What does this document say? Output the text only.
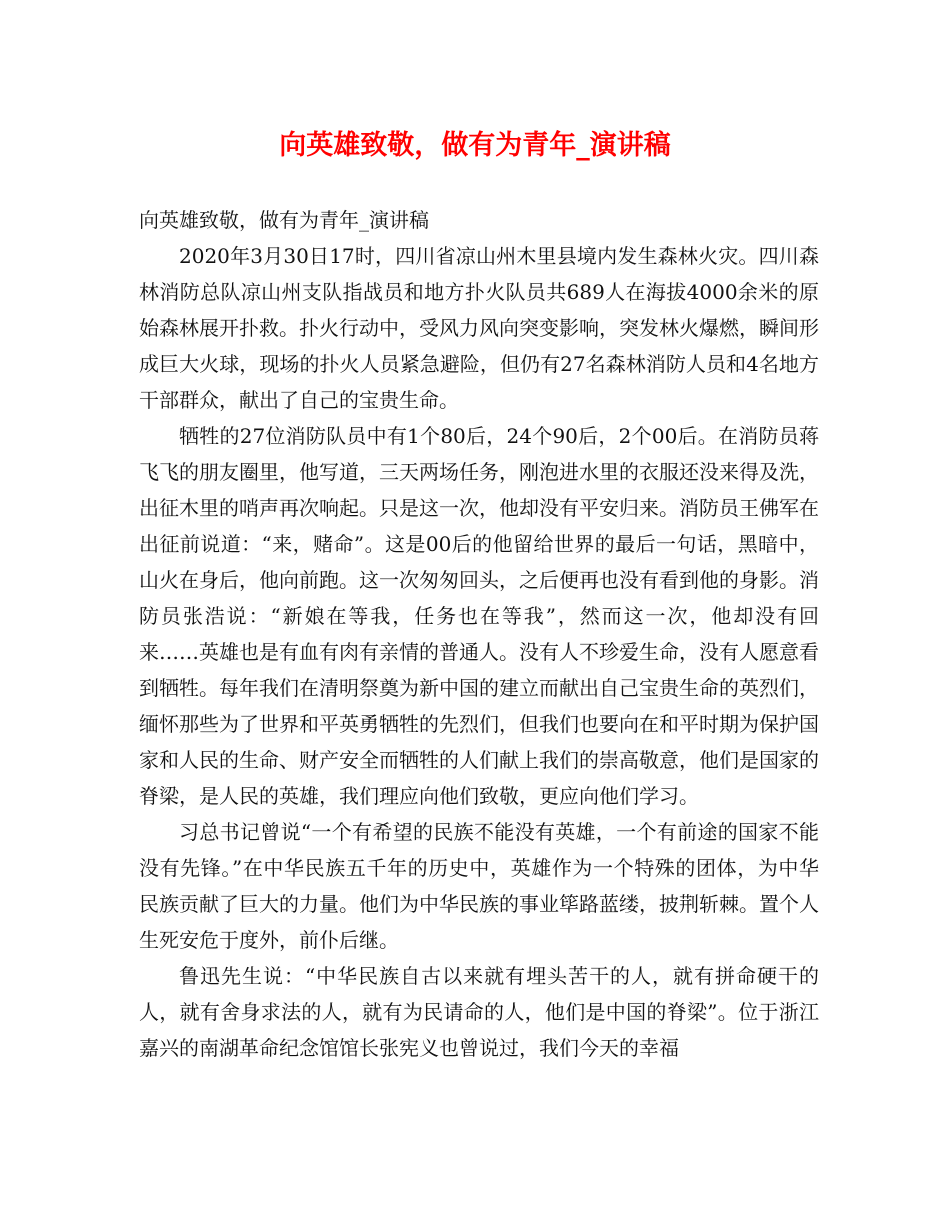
向英雄致敬，做有为青年_演讲稿

向英雄致敬，做有为青年_演讲稿

2020年3月30日17时，四川省凉山州木里县境内发生森林火灾。四川森林消防总队凉山州支队指战员和地方扑火队员共689人在海拔4000余米的原始森林展开扑救。扑火行动中，受风力风向突变影响，突发林火爆燃，瞬间形成巨大火球，现场的扑火人员紧急避险，但仍有27名森林消防人员和4名地方干部群众，献出了自己的宝贵生命。

牺牲的27位消防队员中有1个80后，24个90后，2个00后。在消防员蒋飞飞的朋友圈里，他写道，三天两场任务，刚泡进水里的衣服还没来得及洗，出征木里的哨声再次响起。只是这一次，他却没有平安归来。消防员王佛军在出征前说道：“来，赌命”。这是00后的他留给世界的最后一句话，黑暗中，山火在身后，他向前跑。这一次匆匆回头，之后便再也没有看到他的身影。消防员张浩说：“新娘在等我，任务也在等我”，然而这一次，他却没有回来……英雄也是有血有肉有亲情的普通人。没有人不珍爱生命，没有人愿意看到牺牲。每年我们在清明祭奠为新中国的建立而献出自己宝贵生命的英烈们，缅怀那些为了世界和平英勇牺牲的先烈们，但我们也要向在和平时期为保护国家和人民的生命、财产安全而牺牲的人们献上我们的崇高敬意，他们是国家的脊梁，是人民的英雄，我们理应向他们致敬，更应向他们学习。

习总书记曾说“一个有希望的民族不能没有英雄，一个有前途的国家不能没有先锋。”在中华民族五千年的历史中，英雄作为一个特殊的团体，为中华民族贡献了巨大的力量。他们为中华民族的事业筚路蓝缕，披荆斩棘。置个人生死安危于度外，前仆后继。

鲁迅先生说：“中华民族自古以来就有埋头苦干的人，就有拼命硬干的人，就有舍身求法的人，就有为民请命的人，他们是中国的脊梁”。位于浙江嘉兴的南湖革命纪念馆馆长张宪义也曾说过，我们今天的幸福
